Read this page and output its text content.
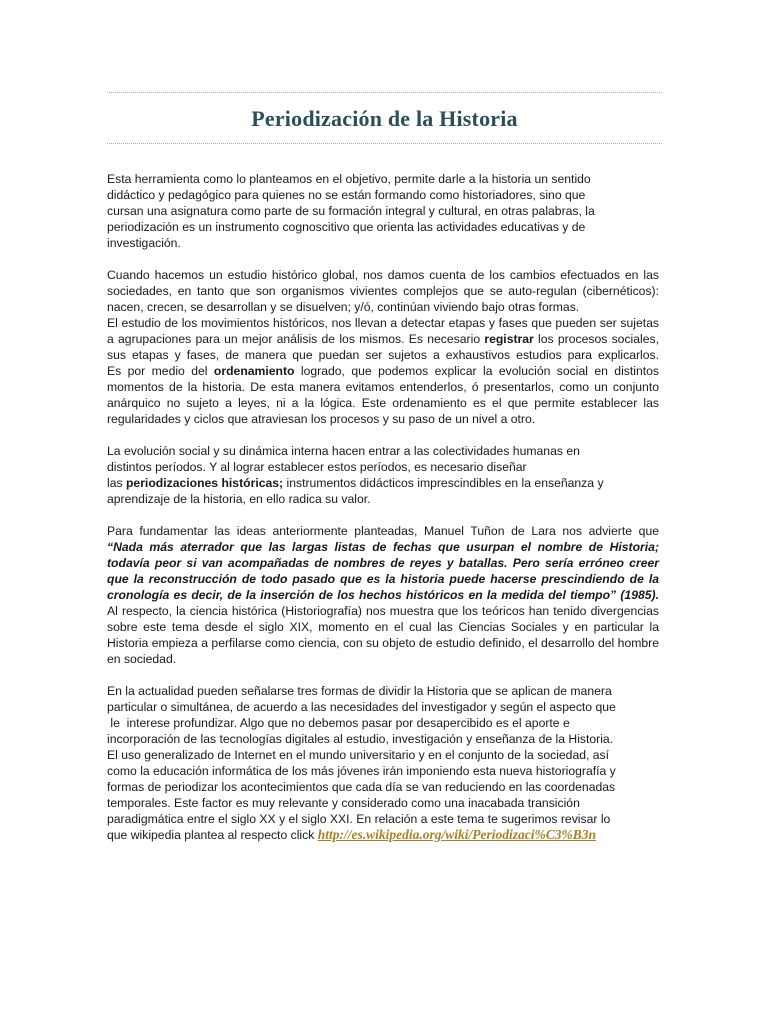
Periodización de la Historia

Esta herramienta como lo planteamos en el objetivo, permite darle a la historia un sentido
didáctico y pedagógico para quienes no se están formando como historiadores, sino que
cursan una asignatura como parte de su formación integral y cultural, en otras palabras, la
periodización es un instrumento cognoscitivo que orienta las actividades educativas y de
investigación.

Cuando hacemos un estudio histórico global, nos damos cuenta de los cambios efectuados en las sociedades, en tanto que son organismos vivientes complejos que se auto-regulan (cibernéticos): nacen, crecen, se desarrollan y se disuelven; y/ó, continúan viviendo bajo otras formas.
El estudio de los movimientos históricos, nos llevan a detectar etapas y fases que pueden ser sujetas a agrupaciones para un mejor análisis de los mismos. Es necesario registrar los procesos sociales, sus etapas y fases, de manera que puedan ser sujetos a exhaustivos estudios para explicarlos.
Es por medio del ordenamiento logrado, que podemos explicar la evolución social en distintos momentos de la historia. De esta manera evitamos entenderlos, ó presentarlos, como un conjunto anárquico no sujeto a leyes, ni a la lógica. Este ordenamiento es el que permite establecer las regularidades y ciclos que atraviesan los procesos y su paso de un nivel a otro.

La evolución social y su dinámica interna hacen entrar a las colectividades humanas en
distintos períodos. Y al lograr establecer estos períodos, es necesario diseñar
las periodizaciones históricas; instrumentos didácticos imprescindibles en la enseñanza y
aprendizaje de la historia, en ello radica su valor.

Para fundamentar las ideas anteriormente planteadas, Manuel Tuñon de Lara nos advierte que “Nada más aterrador que las largas listas de fechas que usurpan el nombre de Historia; todavía peor si van acompañadas de nombres de reyes y batallas. Pero sería erróneo creer que la reconstrucción de todo pasado que es la historia puede hacerse prescindiendo de la cronología es decir, de la inserción de los hechos históricos en la medida del tiempo” (1985).
Al respecto, la ciencia histórica (Historiografía) nos muestra que los teóricos han tenido divergencias sobre este tema desde el siglo XIX, momento en el cual las Ciencias Sociales y en particular la Historia empieza a perfilarse como ciencia, con su objeto de estudio definido, el desarrollo del hombre en sociedad.

En la actualidad pueden señalarse tres formas de dividir la Historia que se aplican de manera
particular o simultánea, de acuerdo a las necesidades del investigador y según el aspecto que
le  interese profundizar. Algo que no debemos pasar por desapercibido es el aporte e
incorporación de las tecnologías digitales al estudio, investigación y enseñanza de la Historia.
El uso generalizado de Internet en el mundo universitario y en el conjunto de la sociedad, así
como la educación informática de los más jóvenes irán imponiendo esta nueva historiografía y
formas de periodizar los acontecimientos que cada día se van reduciendo en las coordenadas
temporales. Este factor es muy relevante y considerado como una inacabada transición
paradigmática entre el siglo XX y el siglo XXI. En relación a este tema te sugerimos revisar lo
que wikipedia plantea al respecto click http://es.wikipedia.org/wiki/Periodizaci%C3%B3n
